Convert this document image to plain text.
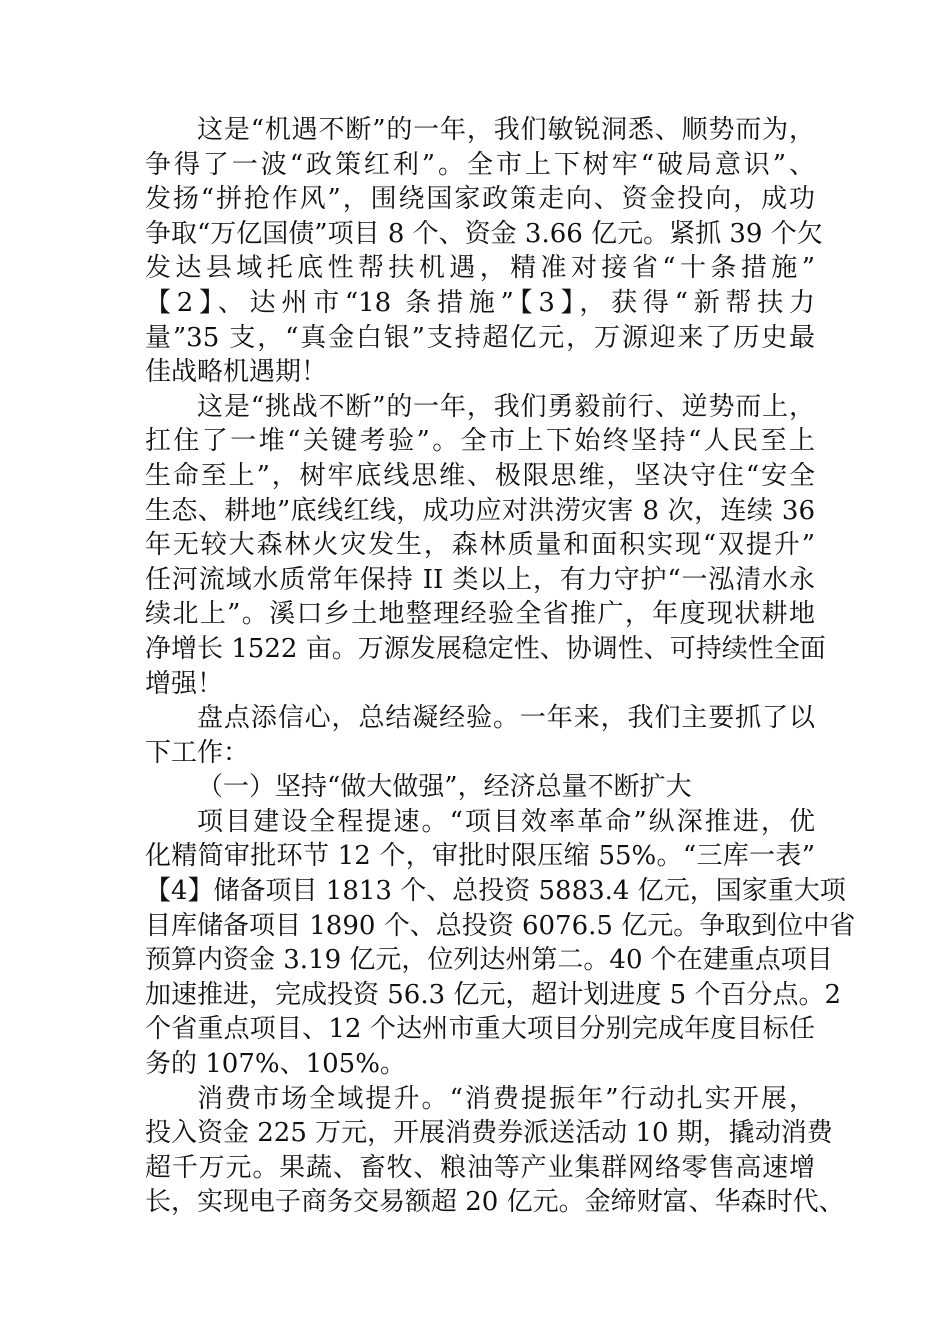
这是“机遇不断”的一年，我们敏锐洞悉、顺势而为，
争得了一波“政策红利”。全市上下树牢“破局意识”、
发扬“拼抢作风”，围绕国家政策走向、资金投向，成功
争取“万亿国债”项目 8 个、资金 3.66 亿元。紧抓 39 个欠
发达县域托底性帮扶机遇，精准对接省“十条措施”
【2】、达州市“18 条措施”【3】，获得“新帮扶力
量”35 支，“真金白银”支持超亿元，万源迎来了历史最
佳战略机遇期！
这是“挑战不断”的一年，我们勇毅前行、逆势而上，
扛住了一堆“关键考验”。全市上下始终坚持“人民至上
生命至上”，树牢底线思维、极限思维，坚决守住“安全
生态、耕地”底线红线，成功应对洪涝灾害 8 次，连续 36
年无较大森林火灾发生，森林质量和面积实现“双提升”
任河流域水质常年保持 II 类以上，有力守护“一泓清水永
续北上”。溪口乡土地整理经验全省推广，年度现状耕地
净增长 1522 亩。万源发展稳定性、协调性、可持续性全面
增强！
盘点添信心，总结凝经验。一年来，我们主要抓了以
下工作：
（一）坚持“做大做强”，经济总量不断扩大
项目建设全程提速。“项目效率革命”纵深推进，优
化精简审批环节 12 个，审批时限压缩 55%。“三库一表”
【4】储备项目 1813 个、总投资 5883.4 亿元，国家重大项
目库储备项目 1890 个、总投资 6076.5 亿元。争取到位中省
预算内资金 3.19 亿元，位列达州第二。40 个在建重点项目
加速推进，完成投资 56.3 亿元，超计划进度 5 个百分点。2
个省重点项目、12 个达州市重大项目分别完成年度目标任
务的 107%、105%。
消费市场全域提升。“消费提振年”行动扎实开展，
投入资金 225 万元，开展消费券派送活动 10 期，撬动消费
超千万元。果蔬、畜牧、粮油等产业集群网络零售高速增
长，实现电子商务交易额超 20 亿元。金缔财富、华森时代、
